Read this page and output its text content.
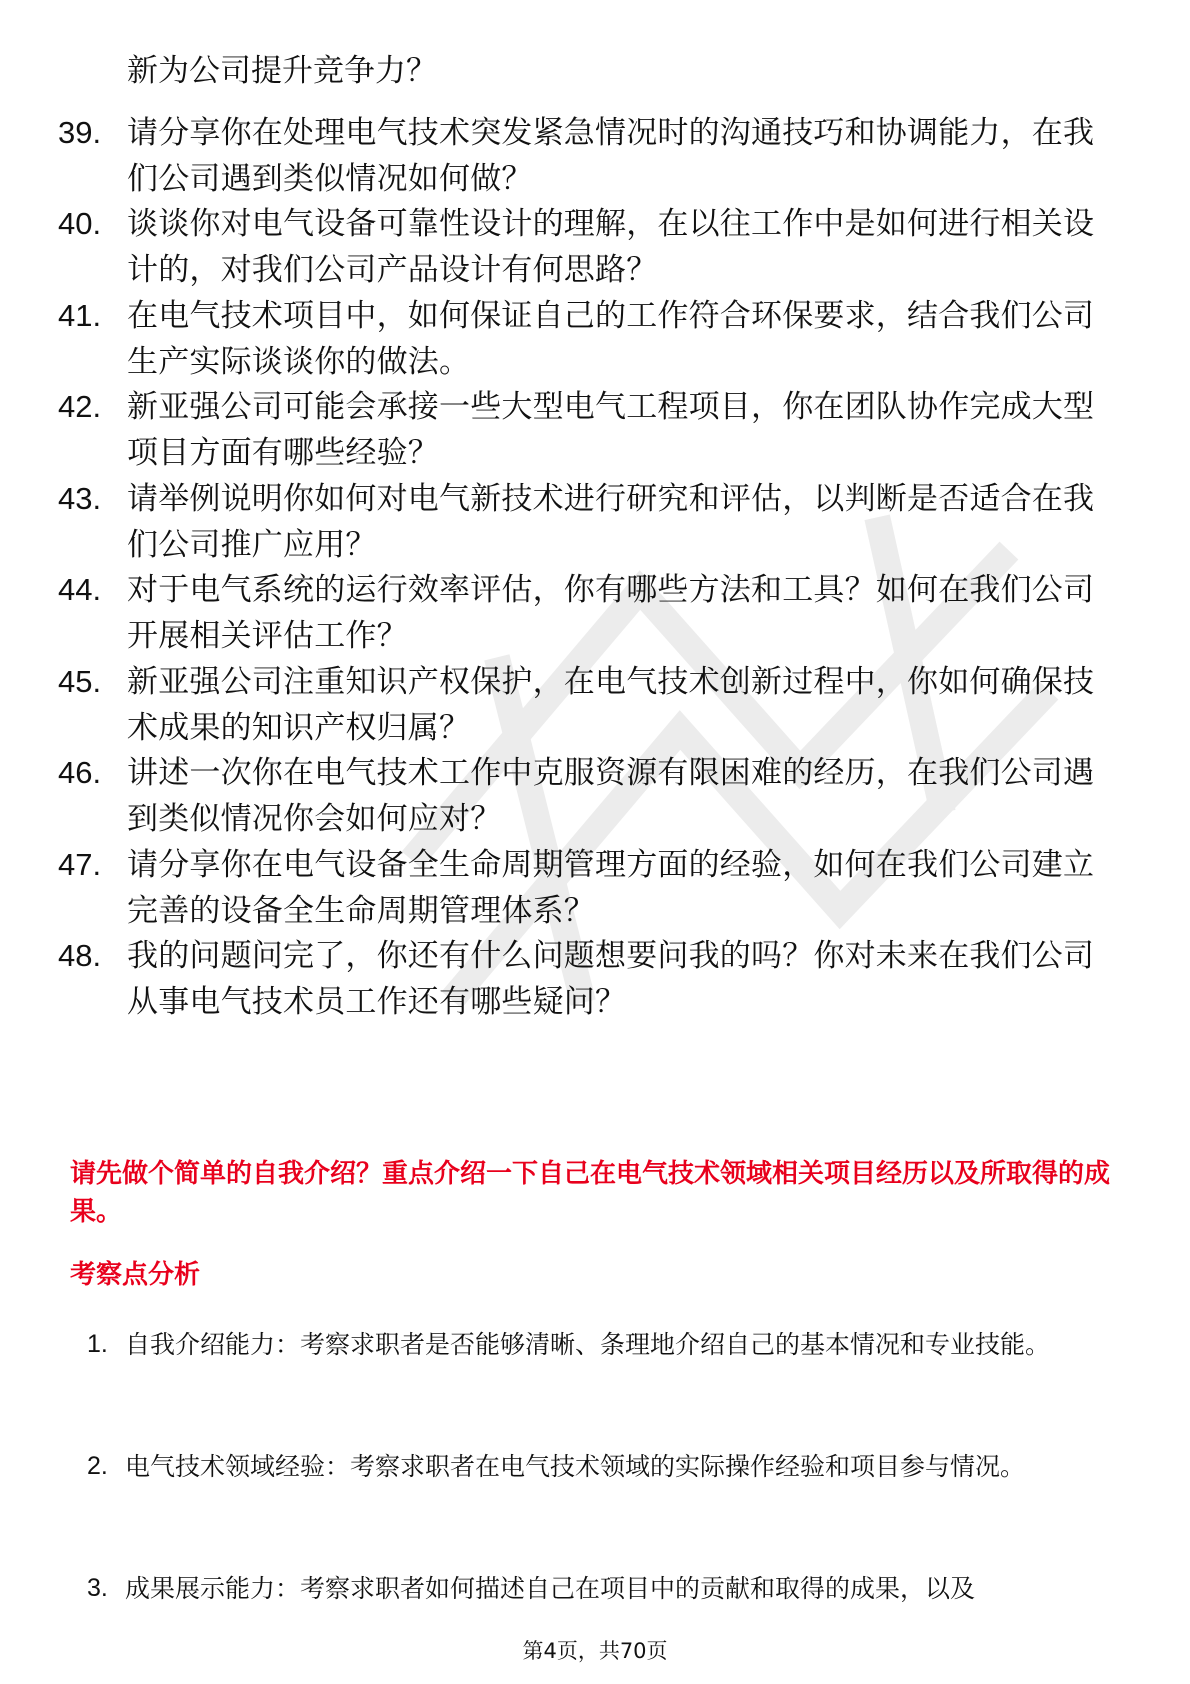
新为公司提升竞争力？
39. 请分享你在处理电气技术突发紧急情况时的沟通技巧和协调能力，在我们公司遇到类似情况如何做？
40. 谈谈你对电气设备可靠性设计的理解，在以往工作中是如何进行相关设计的，对我们公司产品设计有何思路？
41. 在电气技术项目中，如何保证自己的工作符合环保要求，结合我们公司生产实际谈谈你的做法。
42. 新亚强公司可能会承接一些大型电气工程项目，你在团队协作完成大型项目方面有哪些经验？
43. 请举例说明你如何对电气新技术进行研究和评估，以判断是否适合在我们公司推广应用？
44. 对于电气系统的运行效率评估，你有哪些方法和工具？如何在我们公司开展相关评估工作？
45. 新亚强公司注重知识产权保护，在电气技术创新过程中，你如何确保技术成果的知识产权归属？
46. 讲述一次你在电气技术工作中克服资源有限困难的经历，在我们公司遇到类似情况你会如何应对？
47. 请分享你在电气设备全生命周期管理方面的经验，如何在我们公司建立完善的设备全生命周期管理体系？
48. 我的问题问完了，你还有什么问题想要问我的吗？你对未来在我们公司从事电气技术员工作还有哪些疑问？
请先做个简单的自我介绍？重点介绍一下自己在电气技术领域相关项目经历以及所取得的成果。
考察点分析
1. 自我介绍能力：考察求职者是否能够清晰、条理地介绍自己的基本情况和专业技能。
2. 电气技术领域经验：考察求职者在电气技术领域的实际操作经验和项目参与情况。
3. 成果展示能力：考察求职者如何描述自己在项目中的贡献和取得的成果，以及
第4页，共70页
